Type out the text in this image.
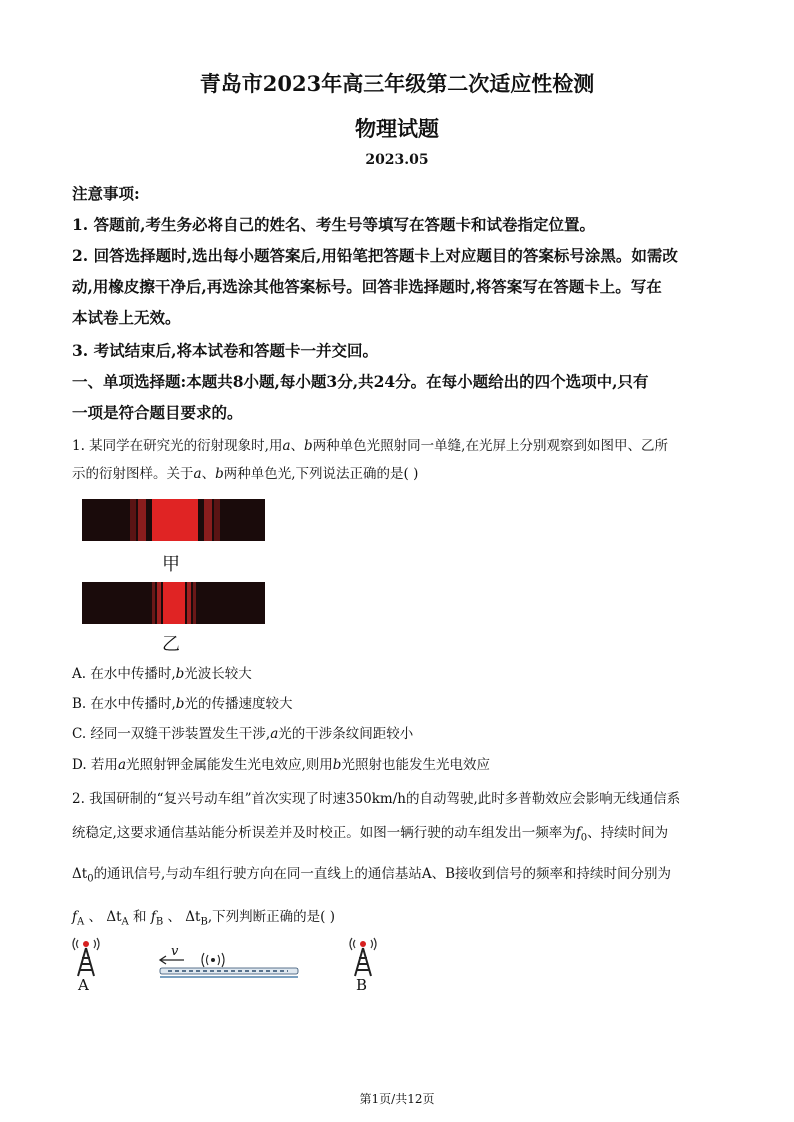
青岛市2023年高三年级第二次适应性检测
物理试题
2023.05
注意事项:
1. 答题前,考生务必将自己的姓名、考生号等填写在答题卡和试卷指定位置。
2. 回答选择题时,选出每小题答案后,用铅笔把答题卡上对应题目的答案标号涂黑。如需改
动,用橡皮擦干净后,再选涂其他答案标号。回答非选择题时,将答案写在答题卡上。写在
本试卷上无效。
3. 考试结束后,将本试卷和答题卡一并交回。
一、单项选择题:本题共8小题,每小题3分,共24分。在每小题给出的四个选项中,只有
一项是符合题目要求的。
1. 某同学在研究光的衍射现象时,用a、b两种单色光照射同一单缝,在光屏上分别观察到如图甲、乙所
示的衍射图样。关于a、b两种单色光,下列说法正确的是( )
甲
乙
A. 在水中传播时,b光波长较大
B. 在水中传播时,b光的传播速度较大
C. 经同一双缝干涉装置发生干涉,a光的干涉条纹间距较小
D. 若用a光照射钾金属能发生光电效应,则用b光照射也能发生光电效应
2. 我国研制的“复兴号动车组”首次实现了时速350km/h的自动驾驶,此时多普勒效应会影响无线通信系
统稳定,这要求通信基站能分析误差并及时校正。如图一辆行驶的动车组发出一频率为$f_0$、持续时间为
$\Delta t_0$的通讯信号,与动车组行驶方向在同一直线上的通信基站A、B接收到信号的频率和持续时间分别为
$f_A$ 、 $\Delta t_A$ 和 $f_B$ 、 $\Delta t_B$,下列判断正确的是( )
A	B
v
第1页/共12页
